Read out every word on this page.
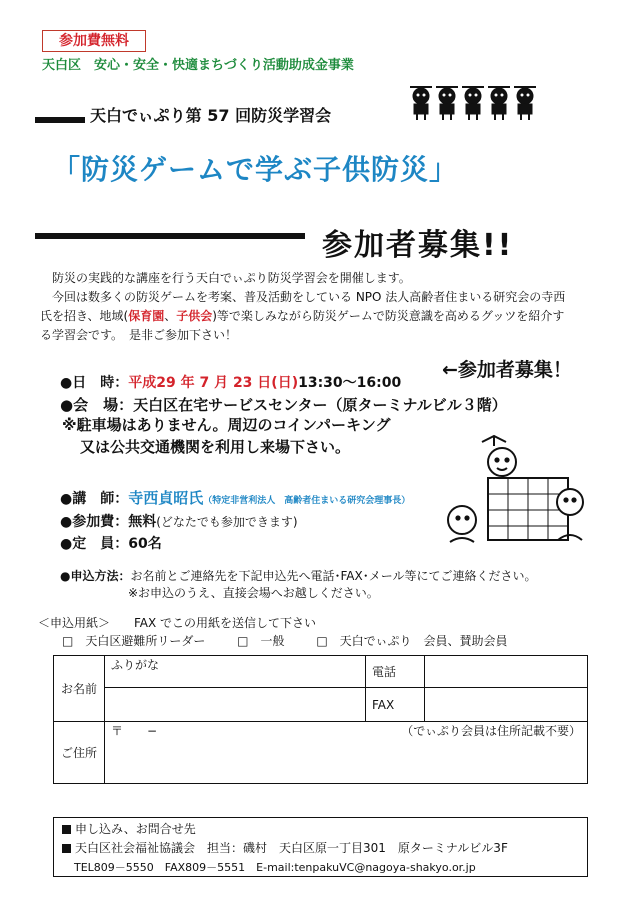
参加費無料
天白区　安心・安全・快適まちづくり活動助成金事業
天白でぃぷり第 57 回防災学習会
「防災ゲームで学ぶ子供防災」
参加者募集!!

防災の実践的な講座を行う天白でぃぷり防災学習会を開催します。

今回は数多くの防災ゲームを考案、普及活動をしている NPO 法人高齢者住まいる研究会の寺西

氏を招き、地域(保育園、子供会)等で楽しみながら防災ゲームで防災意識を高めるグッツを紹介す

る学習会です。　是非ご参加下さい！

←参加者募集！
●日　時：平成29 年 7 月 23 日(日)13:30〜16:00
●会　場：天白区在宅サービスセンター（原ターミナルビル３階）
※駐車場はありません。周辺のコインパーキング
又は公共交通機関を利用し来場下さい。
●講　師：寺西貞昭氏（特定非営利法人　高齢者住まいる研究会理事長）
●参加費：無料(どなたでも参加できます)
●定　員：60名
●申込方法：お名前とご連絡先を下記申込先へ電話･FAX･メール等にてご連絡ください。
※お申込のうえ、直接会場へお越しください。
＜申込用紙＞　　FAX でこの用紙を送信して下さい
□　天白区避難所リーダー	□　一般	□　天白でぃぷり　会員、賛助会員
お名前	ふりがな	電話	
		FAX	
ご住所	〒　　− （でぃぷり会員は住所記載不要）		
申し込み、お問合せ先
天白区社会福祉協議会　担当：磯村　天白区原一丁目301　原ターミナルビル3F
TEL809－5550　FAX809－5551　E-mail:tenpakuVC@nagoya-shakyo.or.jp
